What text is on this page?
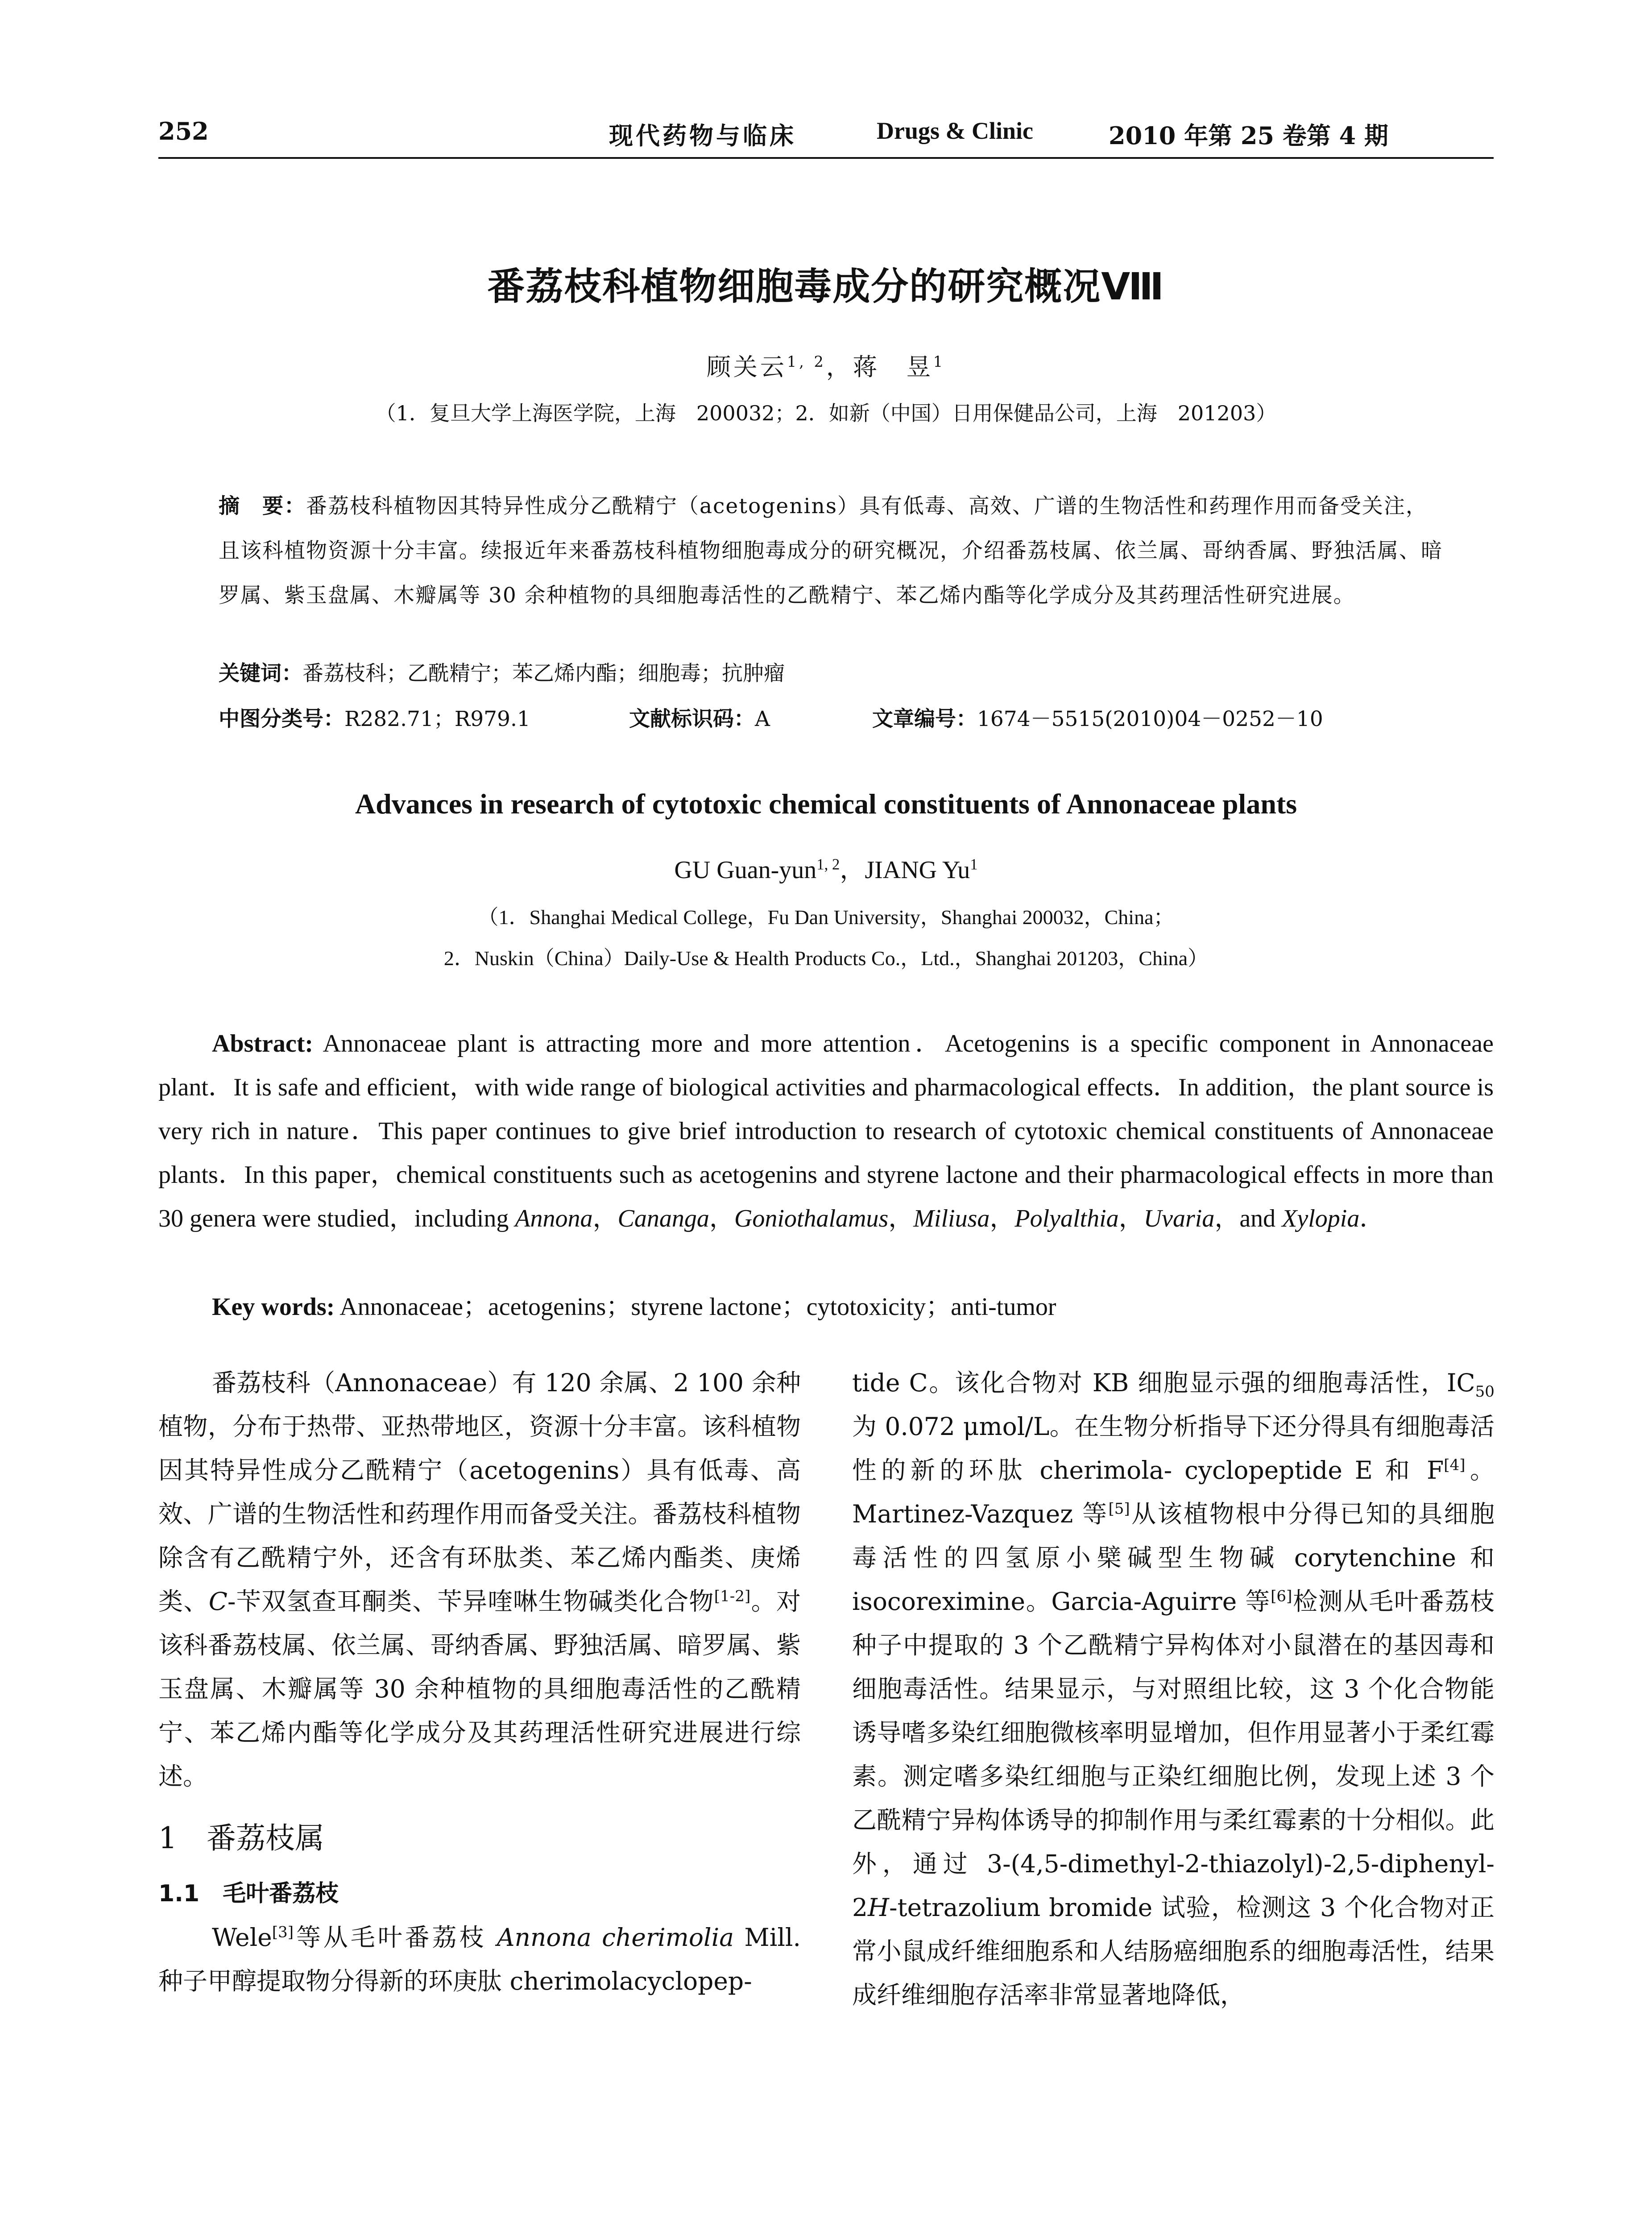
252	现代药物与临床	Drugs & Clinic	2010 年第 25 卷第 4 期
番荔枝科植物细胞毒成分的研究概况Ⅷ
顾关云$^{1, 2}$，蒋　昱$^1$
（1．复旦大学上海医学院，上海　200032；2．如新（中国）日用保健品公司，上海　201203）
摘　要：番荔枝科植物因其特异性成分乙酰精宁（acetogenins）具有低毒、高效、广谱的生物活性和药理作用而备受关注，且该科植物资源十分丰富。续报近年来番荔枝科植物细胞毒成分的研究概况，介绍番荔枝属、依兰属、哥纳香属、野独活属、暗罗属、紫玉盘属、木瓣属等 30 余种植物的具细胞毒活性的乙酰精宁、苯乙烯内酯等化学成分及其药理活性研究进展。
关键词：番荔枝科；乙酰精宁；苯乙烯内酯；细胞毒；抗肿瘤
中图分类号：R282.71；R979.1	文献标识码：A	文章编号：1674－5515(2010)04－0252－10
Advances in research of cytotoxic chemical constituents of Annonaceae plants
GU Guan-yun$^{1, 2}$，JIANG Yu$^1$
（1．Shanghai Medical College，Fu Dan University，Shanghai 200032，China；
2．Nuskin（China）Daily-Use & Health Products Co.，Ltd.，Shanghai 201203，China）
Abstract: Annonaceae plant is attracting more and more attention．Acetogenins is a specific component in Annonaceae plant．It is safe and efficient，with wide range of biological activities and pharmacological effects．In addition，the plant source is very rich in nature．This paper continues to give brief introduction to research of cytotoxic chemical constituents of Annonaceae plants．In this paper，chemical constituents such as acetogenins and styrene lactone and their pharmacological effects in more than 30 genera were studied，including Annona，Cananga，Goniothalamus，Miliusa，Polyalthia，Uvaria，and Xylopia．
Key words: Annonaceae；acetogenins；styrene lactone；cytotoxicity；anti-tumor

番荔枝科（Annonaceae）有 120 余属、2 100 余种植物，分布于热带、亚热带地区，资源十分丰富。该科植物因其特异性成分乙酰精宁（acetogenins）具有低毒、高效、广谱的生物活性和药理作用而备受关注。番荔枝科植物除含有乙酰精宁外，还含有环肽类、苯乙烯内酯类、庚烯类、C-苄双氢查耳酮类、苄异喹啉生物碱类化合物[1-2]。对该科番荔枝属、依兰属、哥纳香属、野独活属、暗罗属、紫玉盘属、木瓣属等 30 余种植物的具细胞毒活性的乙酰精宁、苯乙烯内酯等化学成分及其药理活性研究进展进行综述。

1　番荔枝属
1.1　毛叶番荔枝

Wele[3]等从毛叶番荔枝 Annona cherimolia Mill. 种子甲醇提取物分得新的环庚肽 cherimolacyclopep-

tide C。该化合物对 KB 细胞显示强的细胞毒活性，$IC_{50}$ 为 0.072 μmol/L。在生物分析指导下还分得具有细胞毒活性的新的环肽 cherimola- cyclopeptide E 和 F[4]。Martinez-Vazquez 等[5]从该植物根中分得已知的具细胞毒活性的四氢原小檗碱型生物碱 corytenchine 和 isocoreximine。Garcia-Aguirre 等[6]检测从毛叶番荔枝种子中提取的 3 个乙酰精宁异构体对小鼠潜在的基因毒和细胞毒活性。结果显示，与对照组比较，这 3 个化合物能诱导嗜多染红细胞微核率明显增加，但作用显著小于柔红霉素。测定嗜多染红细胞与正染红细胞比例，发现上述 3 个乙酰精宁异构体诱导的抑制作用与柔红霉素的十分相似。此外，通过 3-(4,5-dimethyl-2-thiazolyl)-2,5-diphenyl-2H-tetrazolium bromide 试验，检测这 3 个化合物对正常小鼠成纤维细胞系和人结肠癌细胞系的细胞毒活性，结果成纤维细胞存活率非常显著地降低，
